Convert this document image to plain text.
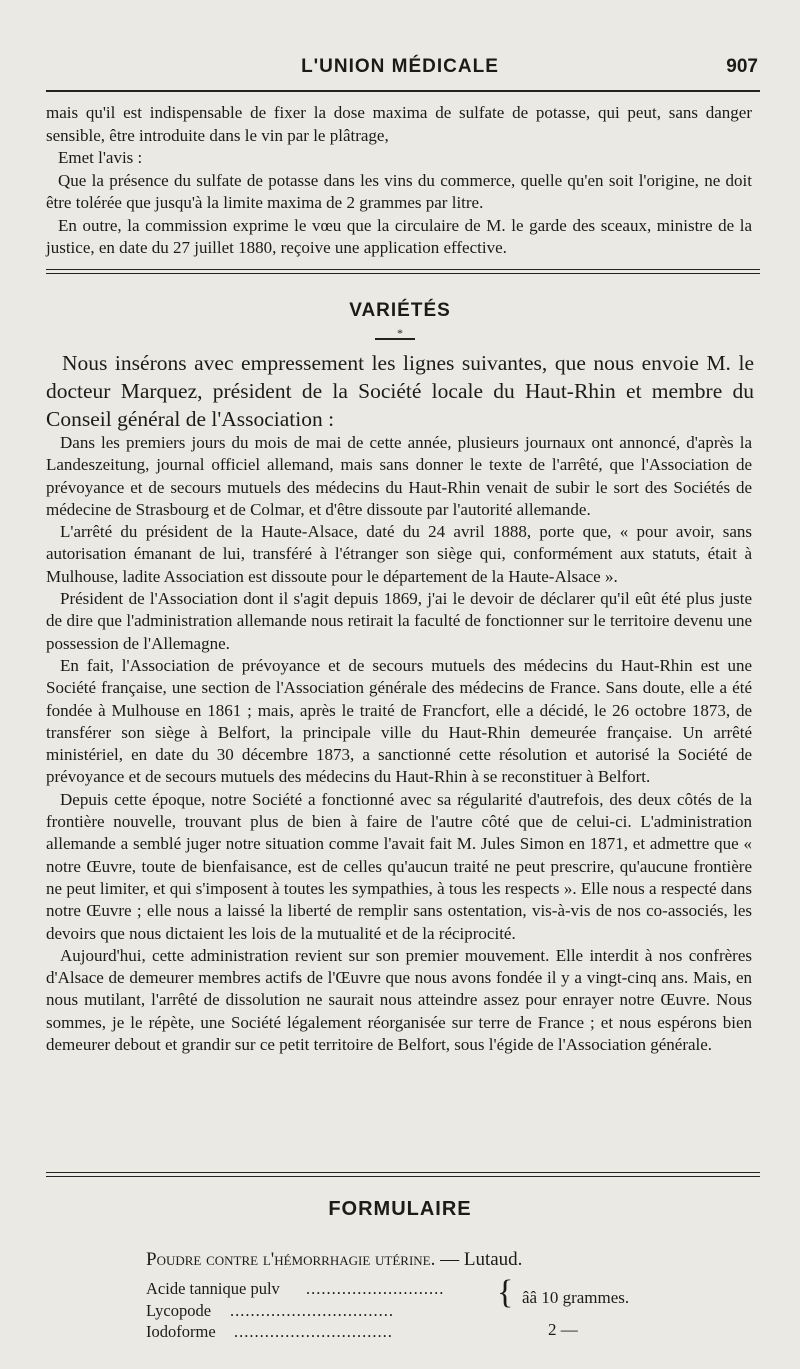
L'UNION MÉDICALE	907

mais qu'il est indispensable de fixer la dose maxima de sulfate de potasse, qui peut, sans danger sensible, être introduite dans le vin par le plâtrage,

Emet l'avis :

Que la présence du sulfate de potasse dans les vins du commerce, quelle qu'en soit l'origine, ne doit être tolérée que jusqu'à la limite maxima de 2 grammes par litre.

En outre, la commission exprime le vœu que la circulaire de M. le garde des sceaux, ministre de la justice, en date du 27 juillet 1880, reçoive une application effective.

VARIÉTÉS
*

Nous insérons avec empressement les lignes suivantes, que nous envoie M. le docteur Marquez, président de la Société locale du Haut-Rhin et membre du Conseil général de l'Association :

Dans les premiers jours du mois de mai de cette année, plusieurs journaux ont annoncé, d'après la Landeszeitung, journal officiel allemand, mais sans donner le texte de l'arrêté, que l'Association de prévoyance et de secours mutuels des médecins du Haut-Rhin venait de subir le sort des Sociétés de médecine de Strasbourg et de Colmar, et d'être dissoute par l'autorité allemande.

L'arrêté du président de la Haute-Alsace, daté du 24 avril 1888, porte que, « pour avoir, sans autorisation émanant de lui, transféré à l'étranger son siège qui, conformément aux statuts, était à Mulhouse, ladite Association est dissoute pour le département de la Haute-Alsace ».

Président de l'Association dont il s'agit depuis 1869, j'ai le devoir de déclarer qu'il eût été plus juste de dire que l'administration allemande nous retirait la faculté de fonctionner sur le territoire devenu une possession de l'Allemagne.

En fait, l'Association de prévoyance et de secours mutuels des médecins du Haut-Rhin est une Société française, une section de l'Association générale des médecins de France. Sans doute, elle a été fondée à Mulhouse en 1861 ; mais, après le traité de Francfort, elle a décidé, le 26 octobre 1873, de transférer son siège à Belfort, la principale ville du Haut-Rhin demeurée française. Un arrêté ministériel, en date du 30 décembre 1873, a sanctionné cette résolution et autorisé la Société de prévoyance et de secours mutuels des médecins du Haut-Rhin à se reconstituer à Belfort.

Depuis cette époque, notre Société a fonctionné avec sa régularité d'autrefois, des deux côtés de la frontière nouvelle, trouvant plus de bien à faire de l'autre côté que de celui-ci. L'administration allemande a semblé juger notre situation comme l'avait fait M. Jules Simon en 1871, et admettre que « notre Œuvre, toute de bienfaisance, est de celles qu'aucun traité ne peut prescrire, qu'aucune frontière ne peut limiter, et qui s'imposent à toutes les sympathies, à tous les respects ». Elle nous a respecté dans notre Œuvre ; elle nous a laissé la liberté de remplir sans ostentation, vis-à-vis de nos co-associés, les devoirs que nous dictaient les lois de la mutualité et de la réciprocité.

Aujourd'hui, cette administration revient sur son premier mouvement. Elle interdit à nos confrères d'Alsace de demeurer membres actifs de l'Œuvre que nous avons fondée il y a vingt-cinq ans. Mais, en nous mutilant, l'arrêté de dissolution ne saurait nous atteindre assez pour enrayer notre Œuvre. Nous sommes, je le répète, une Société légalement réorganisée sur terre de France ; et nous espérons bien demeurer debout et grandir sur ce petit territoire de Belfort, sous l'égide de l'Association générale.

FORMULAIRE
Poudre contre l'hémorrhagie utérine. — Lutaud.
Acide tannique pulv ...........................
Lycopode ................................
Iodoforme ...............................
{ ââ 10 grammes.
2 —
